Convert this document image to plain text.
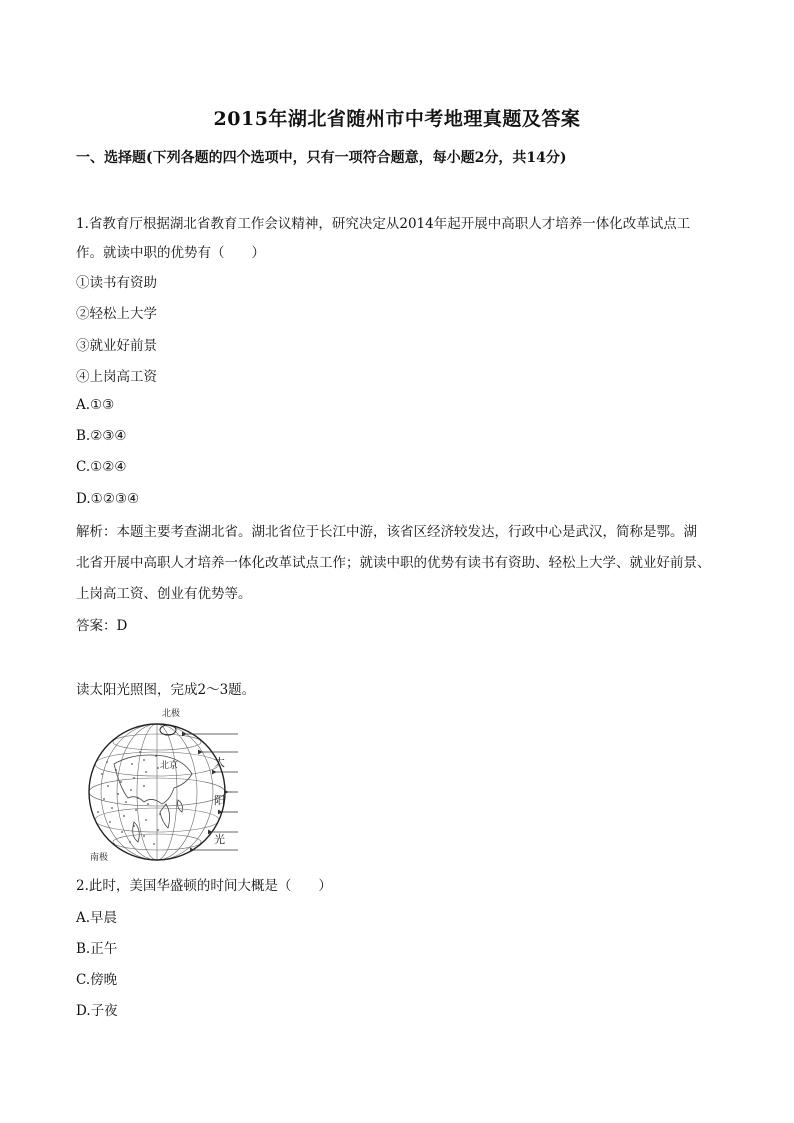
2015年湖北省随州市中考地理真题及答案
一、选择题(下列各题的四个选项中，只有一项符合题意，每小题2分，共14分)
1.省教育厅根据湖北省教育工作会议精神，研究决定从2014年起开展中高职人才培养一体化改革试点工
作。就读中职的优势有（　　）
①读书有资助
②轻松上大学
③就业好前景
④上岗高工资
A.①③
B.②③④
C.①②④
D.①②③④
解析：本题主要考查湖北省。湖北省位于长江中游，该省区经济较发达，行政中心是武汉，简称是鄂。湖
北省开展中高职人才培养一体化改革试点工作；就读中职的优势有读书有资助、轻松上大学、就业好前景、
上岗高工资、创业有优势等。
答案：D
读太阳光照图，完成2～3题。
北极
南极
北京	太
阳
光
2.此时，美国华盛顿的时间大概是（　　）
A.早晨
B.正午
C.傍晚
D.子夜
